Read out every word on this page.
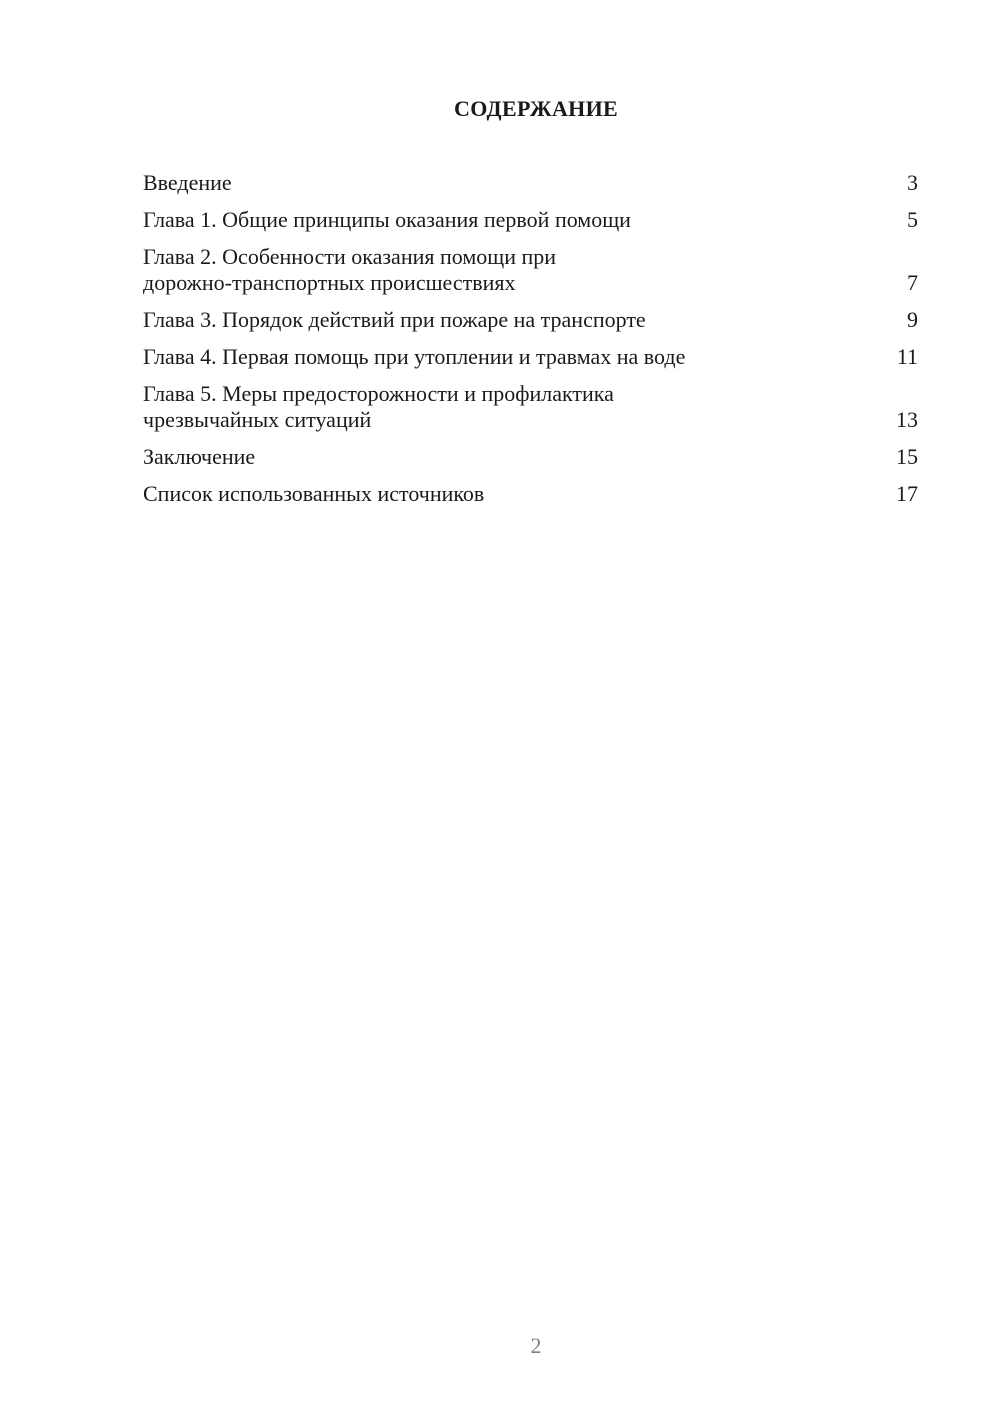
СОДЕРЖАНИЕ
Введение	3
Глава 1. Общие принципы оказания первой помощи	5
Глава 2. Особенности оказания помощи при
дорожно-транспортных происшествиях	7
Глава 3. Порядок действий при пожаре на транспорте	9
Глава 4. Первая помощь при утоплении и травмах на воде	11
Глава 5. Меры предосторожности и профилактика
чрезвычайных ситуаций	13
Заключение	15
Список использованных источников	17
2
